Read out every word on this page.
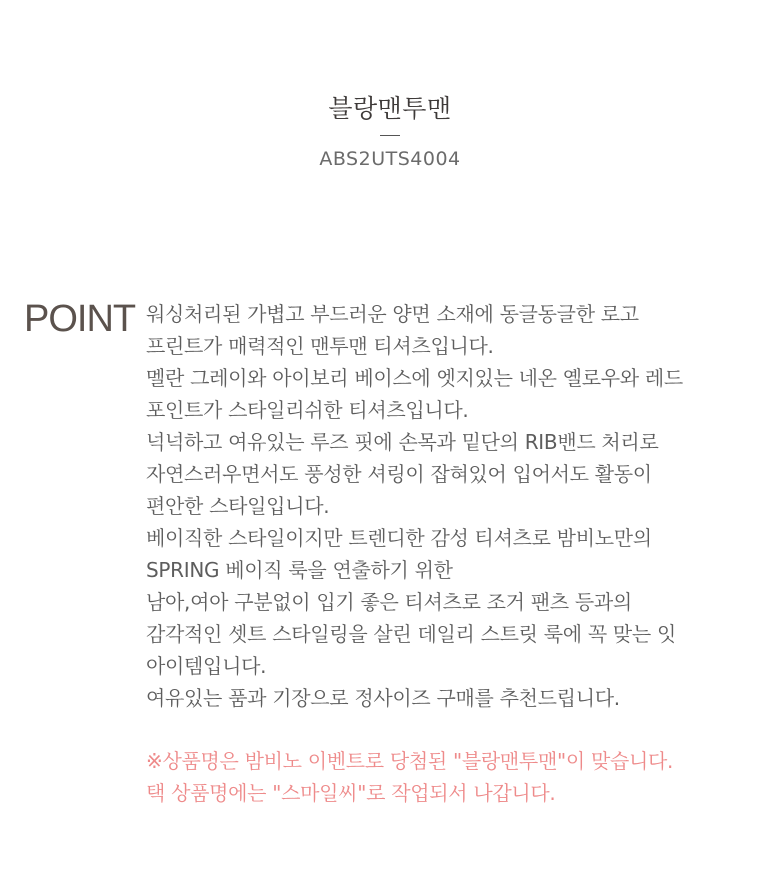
블랑맨투맨
ABS2UTS4004
POINT 워싱처리된 가볍고 부드러운 양면 소재에 동글동글한 로고
프린트가 매력적인 맨투맨 티셔츠입니다.
멜란 그레이와 아이보리 베이스에 엣지있는 네온 옐로우와 레드
포인트가 스타일리쉬한 티셔츠입니다.
넉넉하고 여유있는 루즈 핏에 손목과 밑단의 RIB밴드 처리로
자연스러우면서도 풍성한 셔링이 잡혀있어 입어서도 활동이
편안한 스타일입니다.
베이직한 스타일이지만 트렌디한 감성 티셔츠로 밤비노만의
SPRING 베이직 룩을 연출하기 위한
남아,여아 구분없이 입기 좋은 티셔츠로 조거 팬츠 등과의
감각적인 셋트 스타일링을 살린 데일리 스트릿 룩에 꼭 맞는 잇
아이템입니다.
여유있는 품과 기장으로 정사이즈 구매를 추천드립니다.
※상품명은 밤비노 이벤트로 당첨된 "블랑맨투맨"이 맞습니다.
택 상품명에는 "스마일씨"로 작업되서 나갑니다.
